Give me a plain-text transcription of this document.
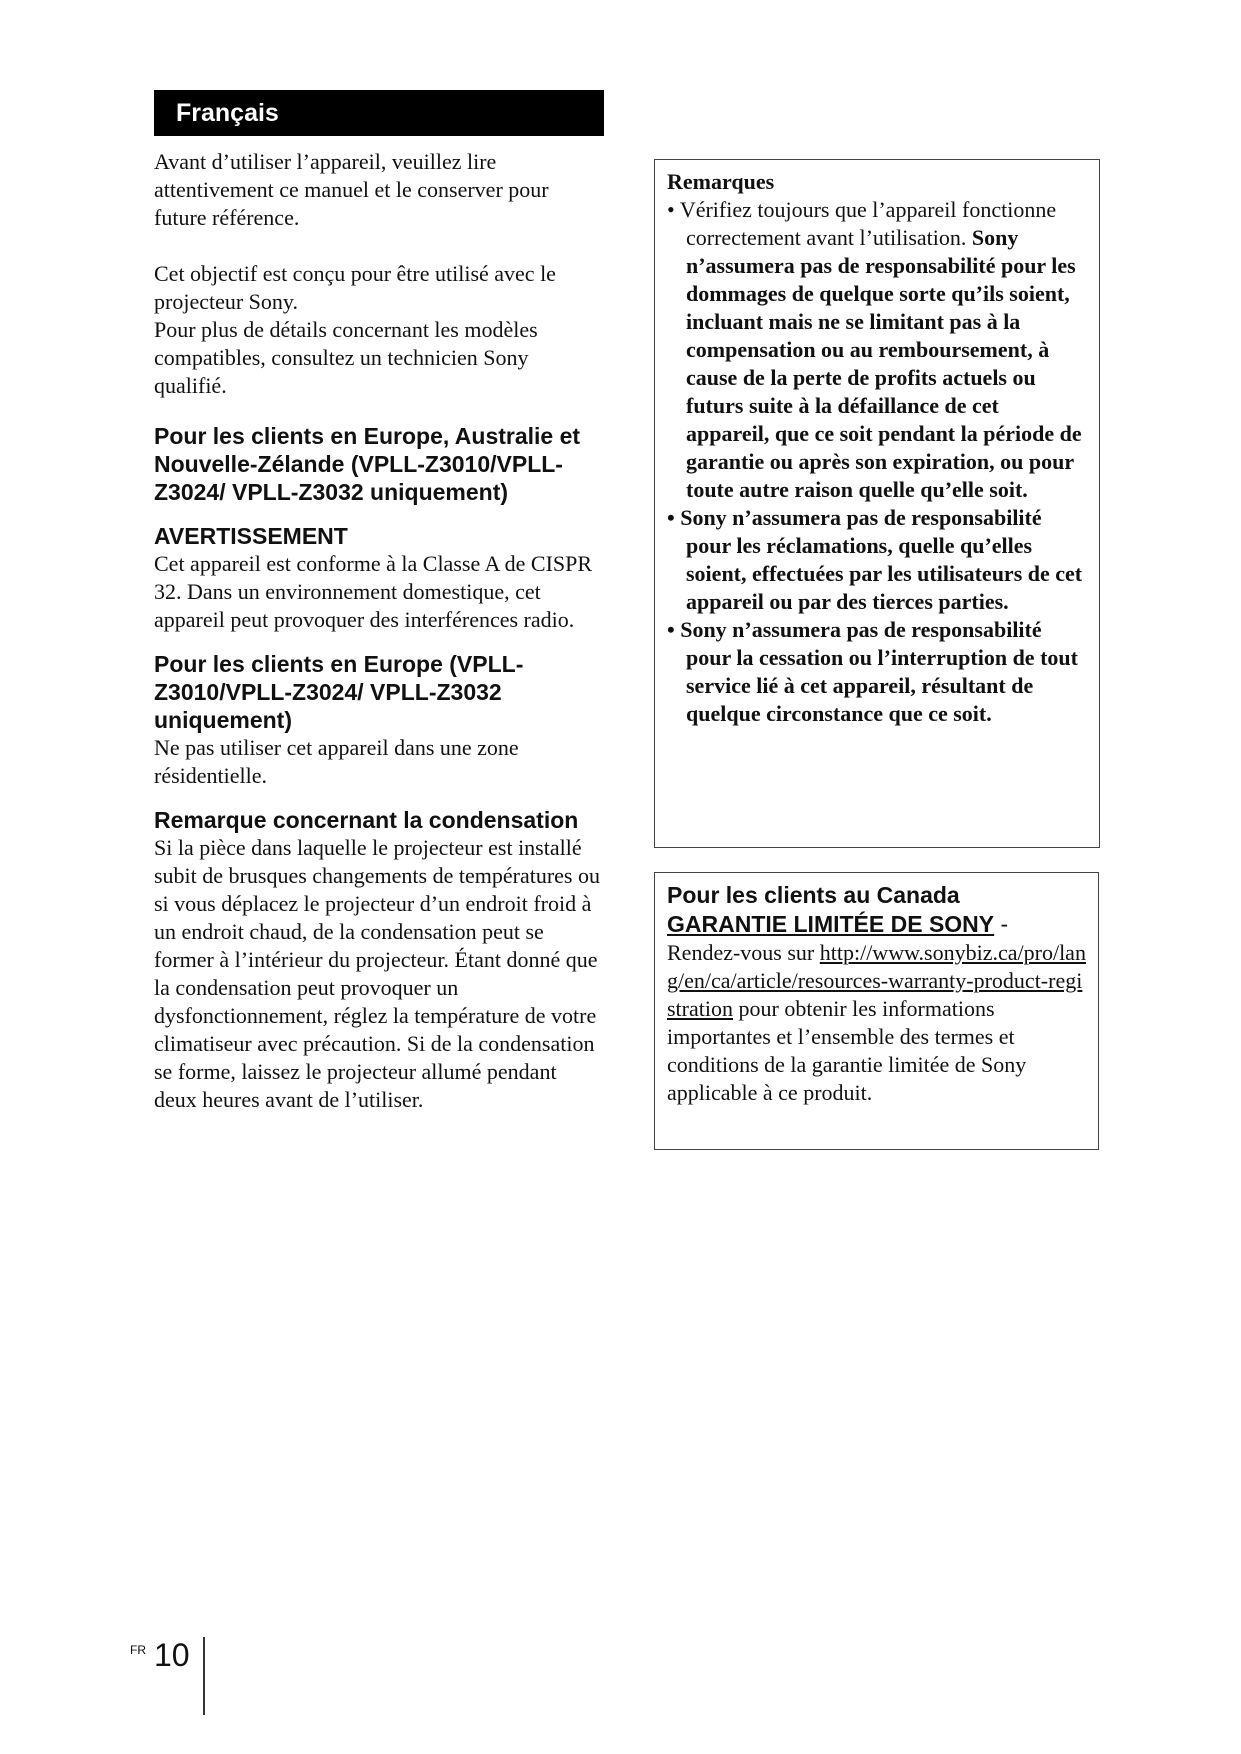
Français

Avant d’utiliser l’appareil, veuillez lire attentivement ce manuel et le conserver pour future référence.

Cet objectif est conçu pour être utilisé avec le projecteur Sony.

Pour plus de détails concernant les modèles compatibles, consultez un technicien Sony qualifié.

Pour les clients en Europe, Australie et Nouvelle-Zélande (VPLL-Z3010/VPLL-Z3024/ VPLL-Z3032 uniquement)

AVERTISSEMENT

Cet appareil est conforme à la Classe A de CISPR 32. Dans un environnement domestique, cet appareil peut provoquer des interférences radio.

Pour les clients en Europe (VPLL-Z3010/VPLL-Z3024/ VPLL-Z3032 uniquement)

Ne pas utiliser cet appareil dans une zone résidentielle.

Remarque concernant la condensation

Si la pièce dans laquelle le projecteur est installé subit de brusques changements de températures ou si vous déplacez le projecteur d’un endroit froid à un endroit chaud, de la condensation peut se former à l’intérieur du projecteur. Étant donné que la condensation peut provoquer un dysfonctionnement, réglez la température de votre climatiseur avec précaution. Si de la condensation se forme, laissez le projecteur allumé pendant deux heures avant de l’utiliser.

Remarques

• Vérifiez toujours que l’appareil fonctionne correctement avant l’utilisation. Sony n’assumera pas de responsabilité pour les dommages de quelque sorte qu’ils soient, incluant mais ne se limitant pas à la compensation ou au remboursement, à cause de la perte de profits actuels ou futurs suite à la défaillance de cet appareil, que ce soit pendant la période de garantie ou après son expiration, ou pour toute autre raison quelle qu’elle soit.

• Sony n’assumera pas de responsabilité pour les réclamations, quelle qu’elles soient, effectuées par les utilisateurs de cet appareil ou par des tierces parties.

• Sony n’assumera pas de responsabilité pour la cessation ou l’interruption de tout service lié à cet appareil, résultant de quelque circonstance que ce soit.

Pour les clients au Canada

GARANTIE LIMITÉE DE SONY -

Rendez-vous sur http://www.sonybiz.ca/pro/lang/en/ca/article/resources-warranty-product-registration pour obtenir les informations importantes et l’ensemble des termes et conditions de la garantie limitée de Sony applicable à ce produit.

FR 10
